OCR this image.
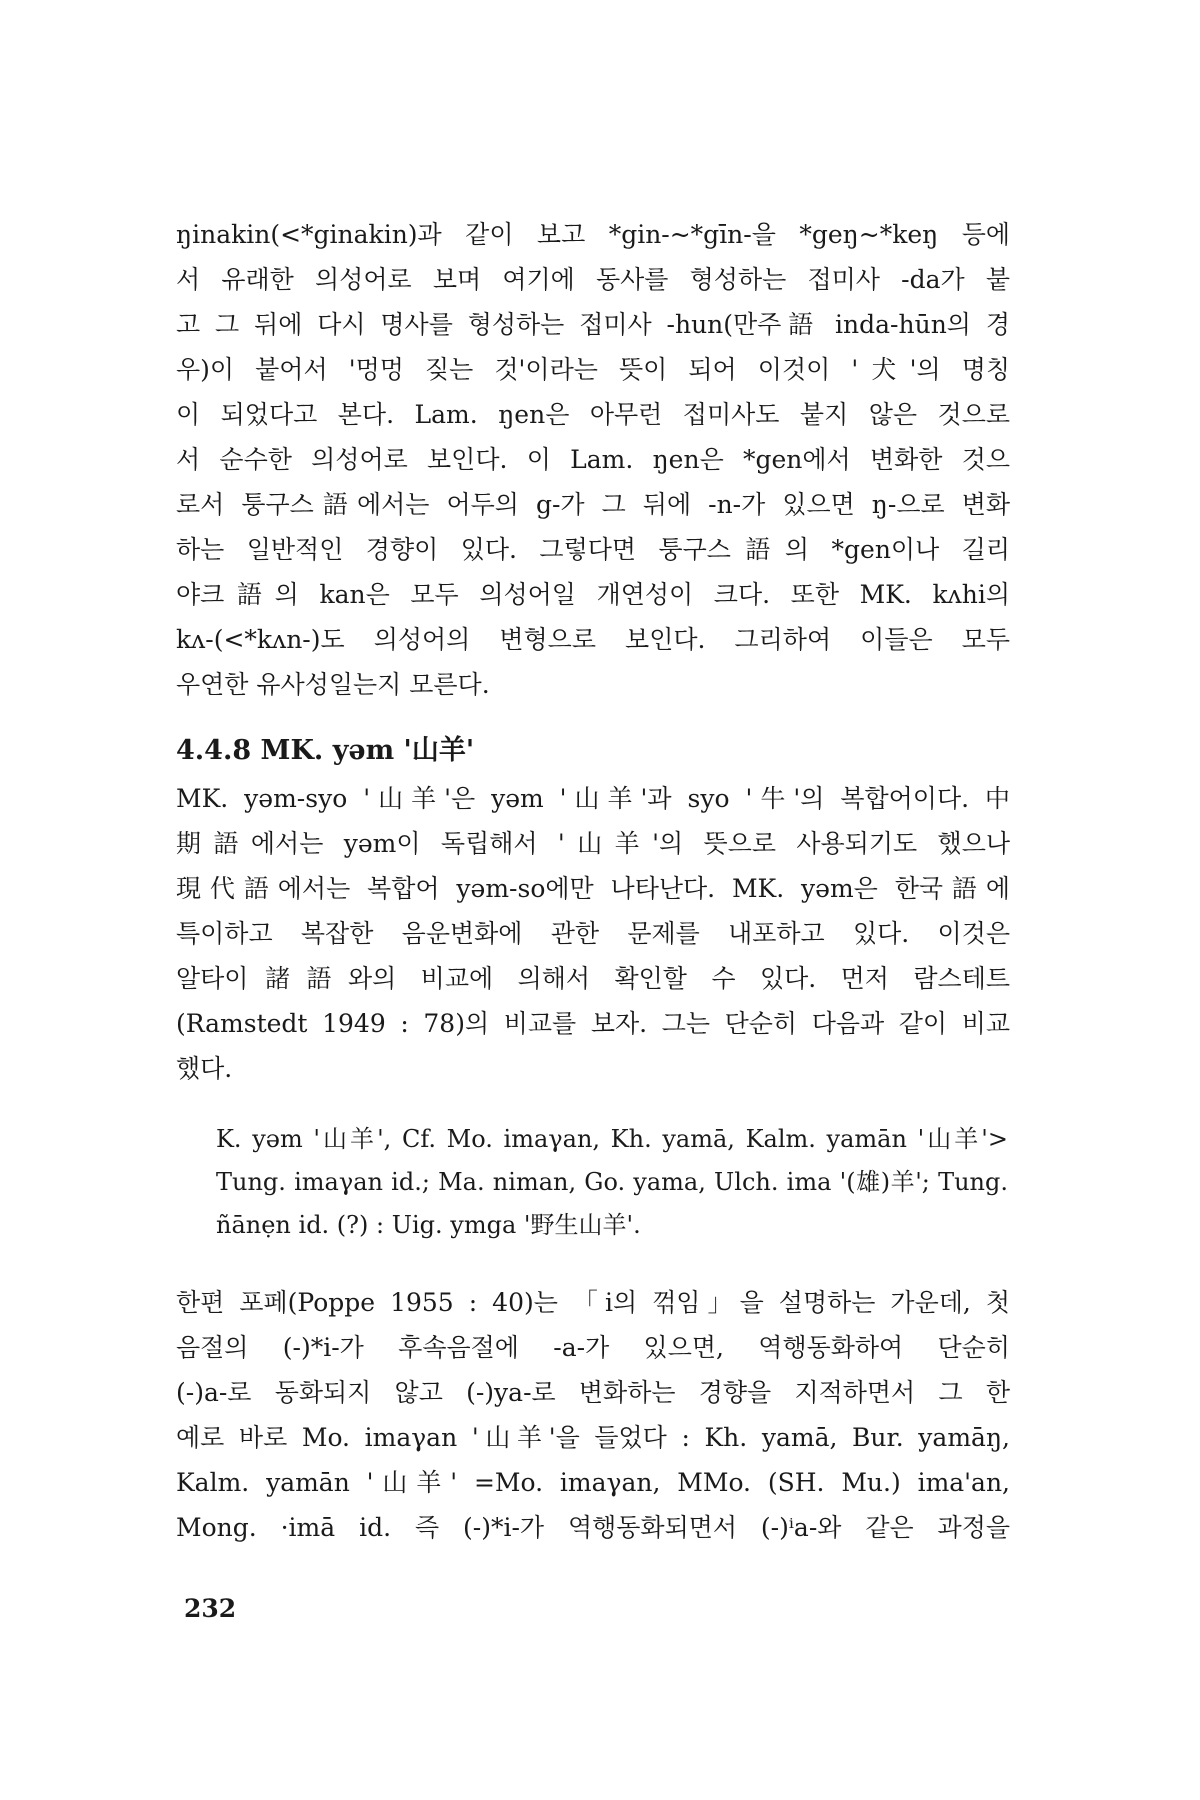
ŋinakin(<*ginakin)과 같이 보고 *gin-~*gīn-을 *geŋ~*keŋ 등에
서 유래한 의성어로 보며 여기에 동사를 형성하는 접미사 -da가 붙
고 그 뒤에 다시 명사를 형성하는 접미사 -hun(만주語 inda-hūn의 경
우)이 붙어서 '멍멍 짖는 것'이라는 뜻이 되어 이것이 '犬'의 명칭
이 되었다고 본다. Lam. ŋen은 아무런 접미사도 붙지 않은 것으로
서 순수한 의성어로 보인다. 이 Lam. ŋen은 *gen에서 변화한 것으
로서 퉁구스語에서는 어두의 g-가 그 뒤에 -n-가 있으면 ŋ-으로 변화
하는 일반적인 경향이 있다. 그렇다면 퉁구스語의 *gen이나 길리
야크語의 kan은 모두 의성어일 개연성이 크다. 또한 MK. kʌhi의
kʌ-(<*kʌn-)도 의성어의 변형으로 보인다. 그리하여 이들은 모두
우연한 유사성일는지 모른다.
4.4.8 MK. yəm '山羊'
MK. yəm-syo '山羊'은 yəm '山羊'과 syo '牛'의 복합어이다. 中
期語에서는 yəm이 독립해서 '山羊'의 뜻으로 사용되기도 했으나
現代語에서는 복합어 yəm-so에만 나타난다. MK. yəm은 한국語에
특이하고 복잡한 음운변화에 관한 문제를 내포하고 있다. 이것은
알타이諸語와의 비교에 의해서 확인할 수 있다. 먼저 람스테트
(Ramstedt 1949 : 78)의 비교를 보자. 그는 단순히 다음과 같이 비교
했다.
K. yəm '山羊', Cf. Mo. imaγan, Kh. yamā, Kalm. yamān '山羊'>
Tung. imaγan id.; Ma. niman, Go. yama, Ulch. ima '(雄)羊'; Tung.
ñānẹn id. (?) : Uig. ymga '野生山羊'.
한편 포페(Poppe 1955 : 40)는 「i의 꺾임」을 설명하는 가운데, 첫
음절의 (-)*i-가 후속음절에 -a-가 있으면, 역행동화하여 단순히
(-)a-로 동화되지 않고 (-)ya-로 변화하는 경향을 지적하면서 그 한
예로 바로 Mo. imaγan '山羊'을 들었다 : Kh. yamā, Bur. yamāŋ,
Kalm. yamān '山羊' =Mo. imaγan, MMo. (SH. Mu.) ima'an,
Mong. ·imā id. 즉 (-)*i-가 역행동화되면서 (-)ⁱa-와 같은 과정을
232
